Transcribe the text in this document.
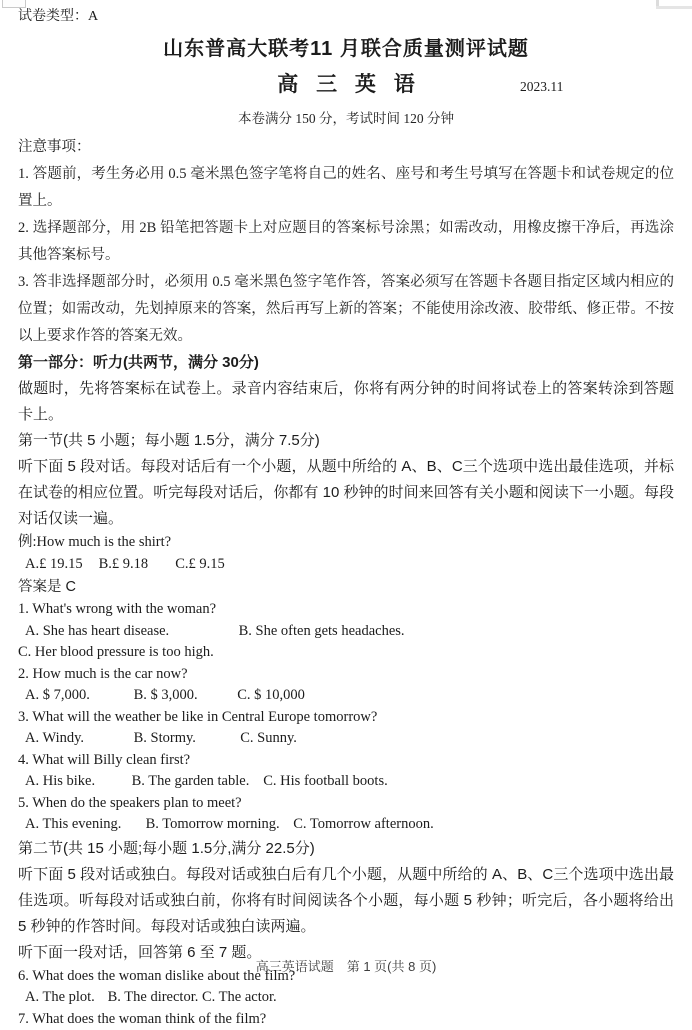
试卷类型：A
山东普高大联考11 月联合质量测评试题
高三英语	2023.11
本卷满分 150 分，考试时间 120 分钟

注意事项：

1. 答题前，考生务必用 0.5 毫米黑色签字笔将自己的姓名、座号和考生号填写在答题卡和试卷规定的位置上。

2. 选择题部分，用 2B 铅笔把答题卡上对应题目的答案标号涂黑；如需改动，用橡皮擦干净后，再选涂其他答案标号。

3. 答非选择题部分时，必须用 0.5 毫米黑色签字笔作答，答案必须写在答题卡各题目指定区域内相应的位置；如需改动，先划掉原来的答案，然后再写上新的答案；不能使用涂改液、胶带纸、修正带。不按以上要求作答的答案无效。

第一部分：听力(共两节，满分 30分)

做题时，先将答案标在试卷上。录音内容结束后，你将有两分钟的时间将试卷上的答案转涂到答题卡上。

第一节(共 5 小题；每小题 1.5分，满分 7.5分)

听下面 5 段对话。每段对话后有一个小题，从题中所给的 A、B、C三个选项中选出最佳选项，并标在试卷的相应位置。听完每段对话后，你都有 10 秒钟的时间来回答有关小题和阅读下一小题。每段对话仅读一遍。

例:How much is the shirt?

A.£ 19.15 B.£ 9.18 C.£ 9.15

答案是 C

1. What's wrong with the woman?

A. She has heart disease.	B. She often gets headaches.

C. Her blood pressure is too high.

2. How much is the car now?

A. $ 7,000.	B. $ 3,000.	C. $ 10,000

3. What will the weather be like in Central Europe tomorrow?

A. Windy.	B. Stormy.	C. Sunny.

4. What will Billy clean first?

A. His bike.	B. The garden table. C. His football boots.

5. When do the speakers plan to meet?

A. This evening. B. Tomorrow morning. C. Tomorrow afternoon.

第二节(共 15 小题;每小题 1.5分,满分 22.5分)

听下面 5 段对话或独白。每段对话或独白后有几个小题，从题中所给的 A、B、C三个选项中选出最佳选项。听每段对话或独白前，你将有时间阅读各个小题，每小题 5 秒钟；听完后，各小题将给出 5 秒钟的作答时间。每段对话或独白读两遍。

听下面一段对话，回答第 6 至 7 题。

6. What does the woman dislike about the film?

A. The plot. B. The director. C. The actor.

7. What does the woman think of the film?

高三英语试题　第 1 页(共 8 页)
